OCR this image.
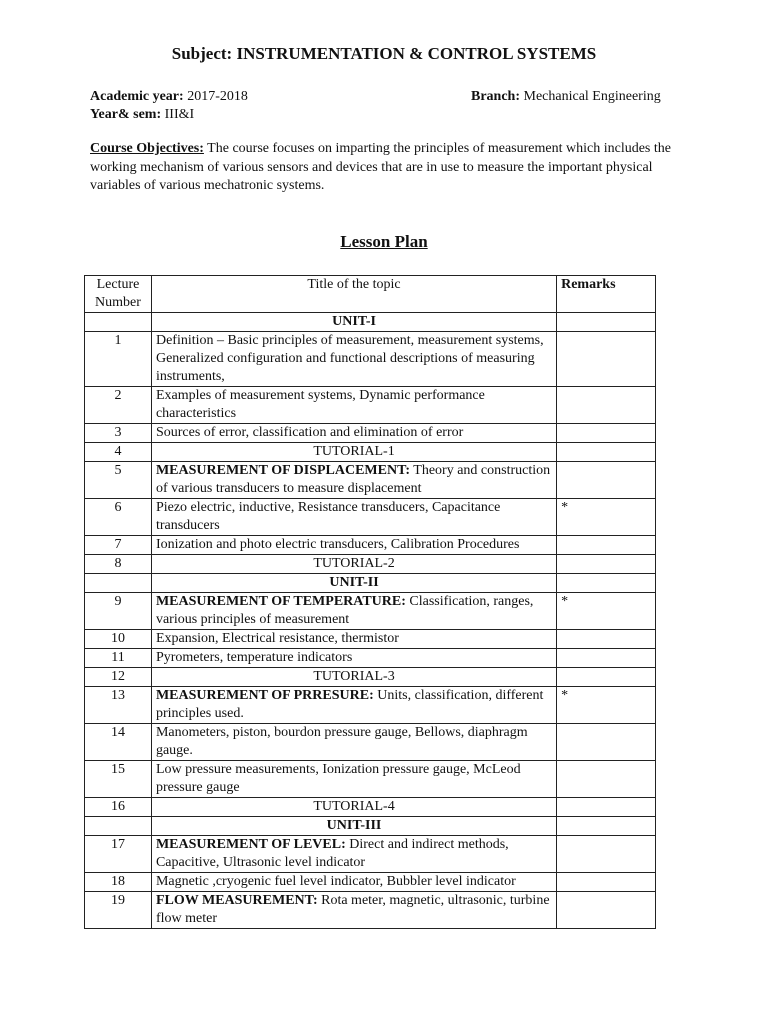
Subject: INSTRUMENTATION & CONTROL SYSTEMS
Academic year: 2017-2018	Branch: Mechanical Engineering
Year& sem: III&I
Course Objectives: The course focuses on imparting the principles of measurement which includes the working mechanism of various sensors and devices that are in use to measure the important physical variables of various mechatronic systems.
Lesson Plan
Lecture Number	Title of the topic	Remarks
	UNIT-I	
1	Definition – Basic principles of measurement, measurement systems, Generalized configuration and functional descriptions of measuring instruments,	
2	Examples of measurement systems, Dynamic performance characteristics	
3	Sources of error, classification and elimination of error	
4	TUTORIAL-1	
5	MEASUREMENT OF DISPLACEMENT: Theory and construction of various transducers to measure displacement	
6	Piezo electric, inductive, Resistance transducers, Capacitance transducers	*
7	Ionization and photo electric transducers, Calibration Procedures	
8	TUTORIAL-2	
	UNIT-II	
9	MEASUREMENT OF TEMPERATURE: Classification, ranges, various principles of measurement	*
10	Expansion, Electrical resistance, thermistor	
11	Pyrometers, temperature indicators	
12	TUTORIAL-3	
13	MEASUREMENT OF PRRESURE: Units, classification, different principles used.	*
14	Manometers, piston, bourdon pressure gauge, Bellows, diaphragm gauge.	
15	Low pressure measurements, Ionization pressure gauge, McLeod pressure gauge	
16	TUTORIAL-4	
	UNIT-III	
17	MEASUREMENT OF LEVEL: Direct and indirect methods, Capacitive, Ultrasonic level indicator	
18	Magnetic ,cryogenic fuel level indicator, Bubbler level indicator	
19	FLOW MEASUREMENT: Rota meter, magnetic, ultrasonic, turbine flow meter	
